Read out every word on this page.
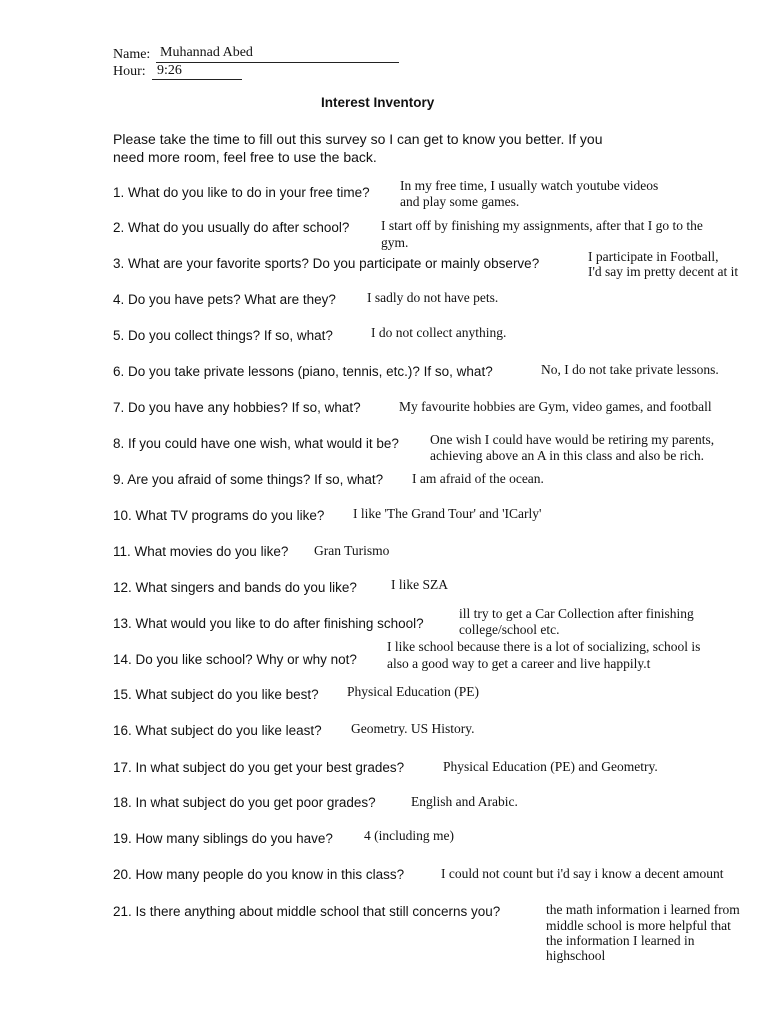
Name: Muhannad Abed
Hour: 9:26
Interest Inventory
Please take the time to fill out this survey so I can get to know you better. If you
need more room, feel free to use the back.
1. What do you like to do in your free time? In my free time, I usually watch youtube videos
and play some games.
2. What do you usually do after school? I start off by finishing my assignments, after that I go to the
gym.
3. What are your favorite sports? Do you participate or mainly observe?	I participate in Football,
I'd say im pretty decent at it
4. Do you have pets? What are they? I sadly do not have pets.
5. Do you collect things? If so, what?	I do not collect anything.
6. Do you take private lessons (piano, tennis, etc.)? If so, what?	No, I do not take private lessons.
7. Do you have any hobbies? If so, what?	My favourite hobbies are Gym, video games, and football
8. If you could have one wish, what would it be? One wish I could have would be retiring my parents,
achieving above an A in this class and also be rich.
9. Are you afraid of some things? If so, what? I am afraid of the ocean.
10. What TV programs do you like? I like 'The Grand Tour' and 'ICarly'
11. What movies do you like? Gran Turismo
12. What singers and bands do you like?	I like SZA
13. What would you like to do after finishing school?
ill try to get a Car Collection after finishing
college/school etc.
14. Do you like school? Why or why not?
I like school because there is a lot of socializing, school is
also a good way to get a career and live happily.t
15. What subject do you like best? Physical Education (PE)
16. What subject do you like least? Geometry. US History.
17. In what subject do you get your best grades?	Physical Education (PE) and Geometry.
18. In what subject do you get poor grades?	English and Arabic.
19. How many siblings do you have? 4 (including me)
20. How many people do you know in this class?	I could not count but i'd say i know a decent amount
21. Is there anything about middle school that still concerns you?	the math information i learned from
middle school is more helpful that
the information I learned in
highschool
